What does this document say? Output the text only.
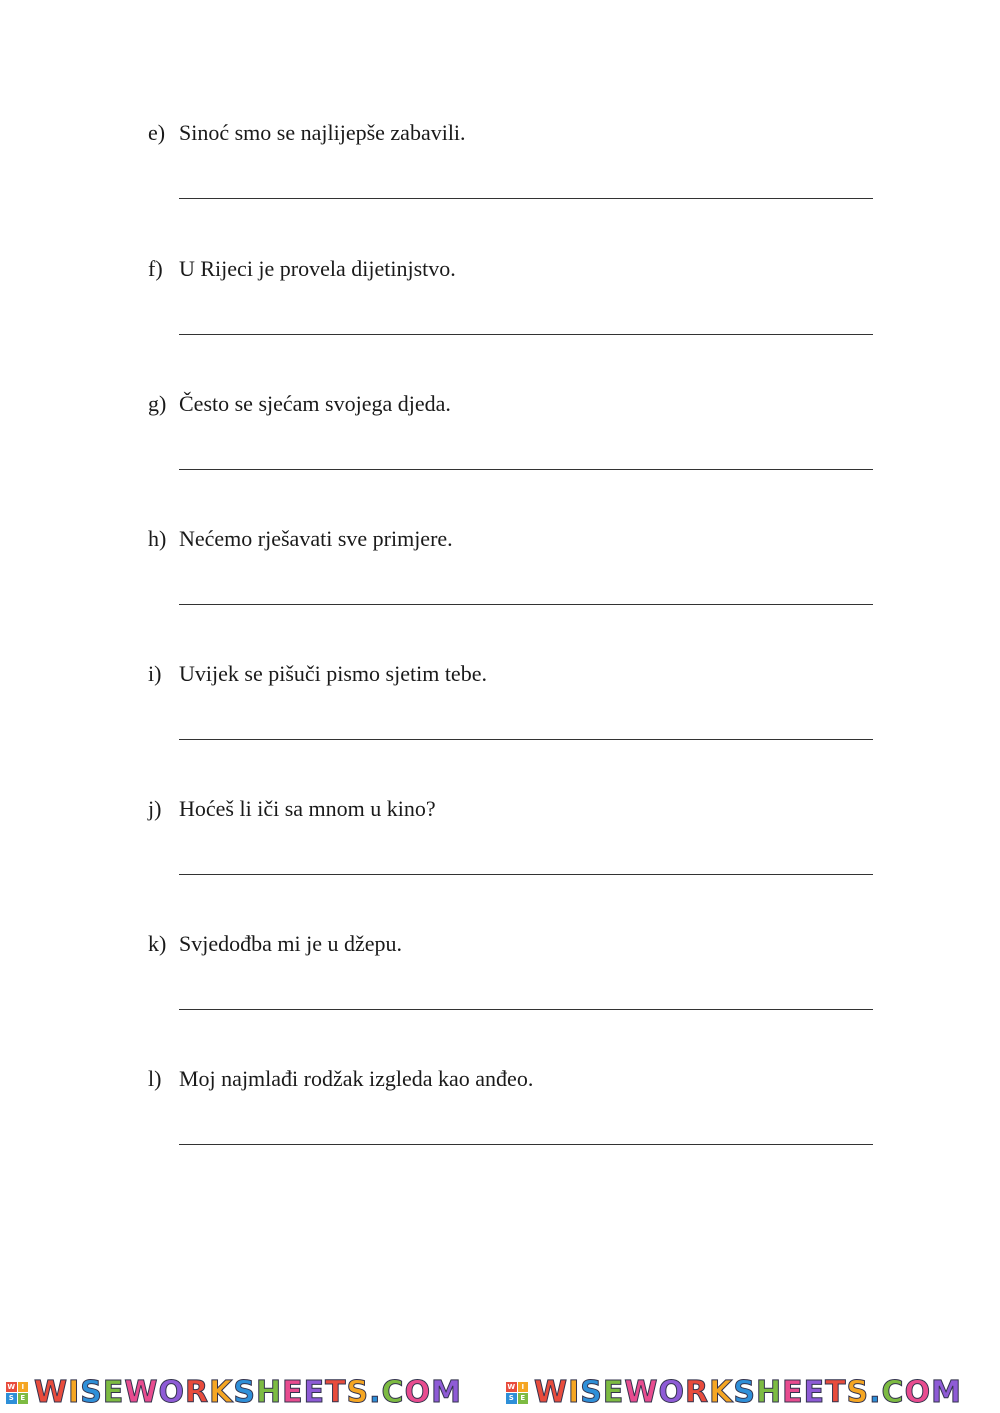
e) Sinoć smo se najlijepše zabavili.
f) U Rijeci je provela dijetinjstvo.
g) Često se sjećam svojega djeda.
h) Nećemo rješavati sve primjere.
i) Uvijek se pišuči pismo sjetim tebe.
j) Hoćeš li iči sa mnom u kino?
k) Svjedođba mi je u džepu.
l) Moj najmlađi rodžak izgleda kao anđeo.
W I
S E WISEWORKSHEETS.COM	W I
S E WISEWORKSHEETS.COM
